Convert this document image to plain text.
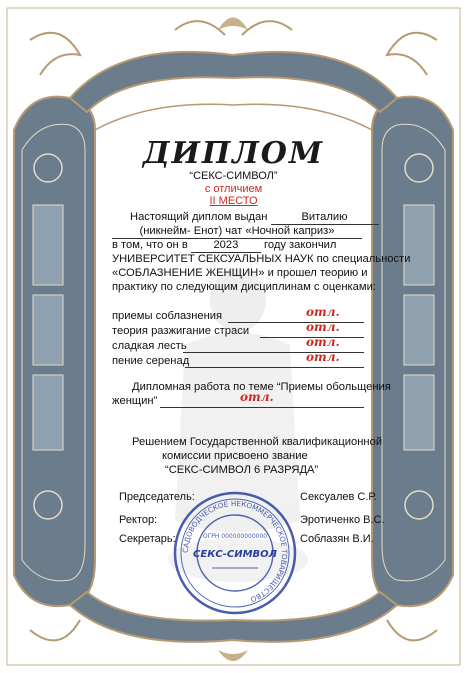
ДИПЛОМ
“СЕКС-СИМВОЛ”
с отличием
II МЕСТО
Настоящий диплом выдан	Виталию
(никнейм- Енот) чат «Ночной каприз»
в том, что он в 2023 году закончил
УНИВЕРСИТЕТ СЕКСУАЛЬНЫХ НАУК по специальности
«СОБЛАЗНЕНИЕ ЖЕНЩИН» и прошел теорию и
практику по следующим дисциплинам с оценками:
приемы соблазнения	отл.
теория разжигание страси	отл.
сладкая лесть	отл.
пение серенад	отл.
Дипломная работа по теме “Приемы обольщения
женщин”	отл.
Решением Государственной квалификационной
комиссии присвоено звание
“СЕКС-СИМВОЛ 6 РАЗРЯДА”
Председатель:	Сексуалев С.Р.
Ректор:	Эротиченко В.С.
Секретарь:	Соблазян В.И.
САДОВОДЧЕСКОЕ НЕКОММЕРЧЕСКОЕ ТОВАРИЩЕСТВО
ОГРН 000000000000
СЕКС-СИМВОЛ
